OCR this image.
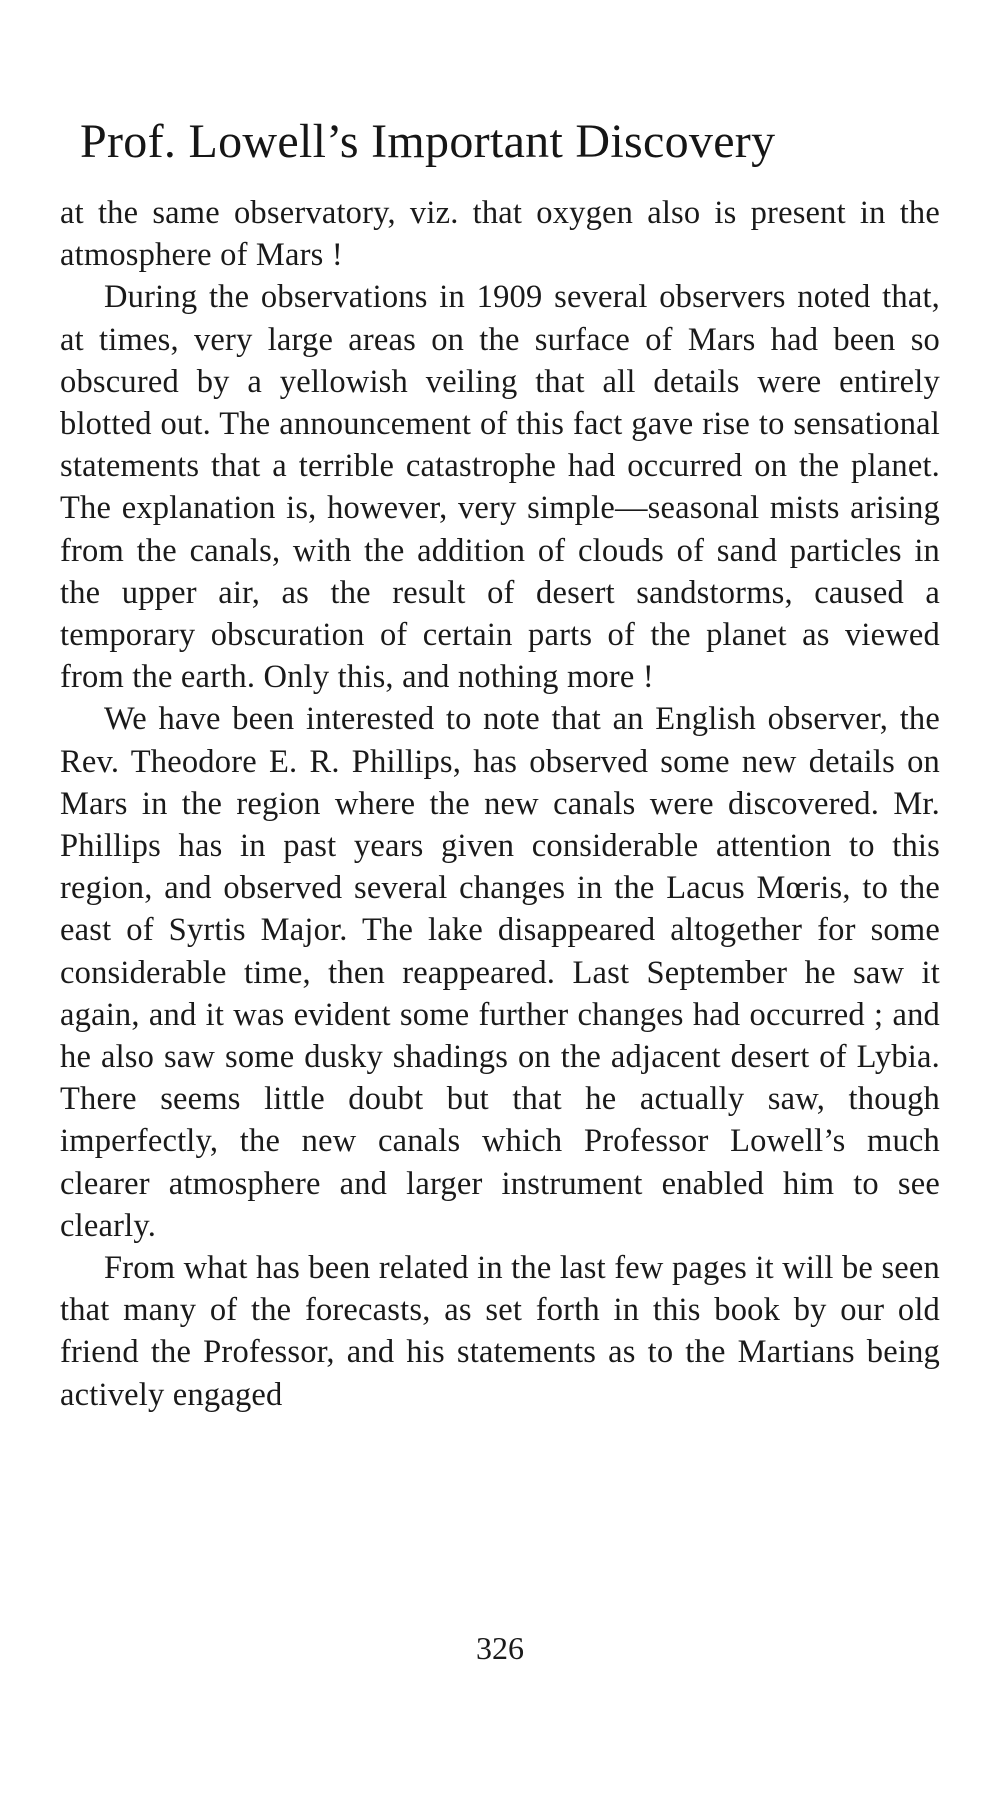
Prof. Lowell’s Important Discovery

at the same observatory, viz. that oxygen also is present in the atmosphere of Mars !

During the observations in 1909 several observers noted that, at times, very large areas on the surface of Mars had been so obscured by a yellowish veiling that all details were entirely blotted out. The announcement of this fact gave rise to sensational statements that a terrible catastrophe had occurred on the planet. The explanation is, however, very simple—seasonal mists arising from the canals, with the addition of clouds of sand particles in the upper air, as the result of desert sandstorms, caused a temporary obscuration of certain parts of the planet as viewed from the earth. Only this, and nothing more !

We have been interested to note that an English observer, the Rev. Theodore E. R. Phillips, has observed some new details on Mars in the region where the new canals were discovered. Mr. Phillips has in past years given considerable attention to this region, and observed several changes in the Lacus Mœris, to the east of Syrtis Major. The lake disappeared altogether for some considerable time, then reappeared. Last September he saw it again, and it was evident some further changes had occurred ; and he also saw some dusky shadings on the adjacent desert of Lybia. There seems little doubt but that he actually saw, though imperfectly, the new canals which Professor Lowell’s much clearer atmosphere and larger instrument enabled him to see clearly.

From what has been related in the last few pages it will be seen that many of the forecasts, as set forth in this book by our old friend the Professor, and his statements as to the Martians being actively engaged

326
